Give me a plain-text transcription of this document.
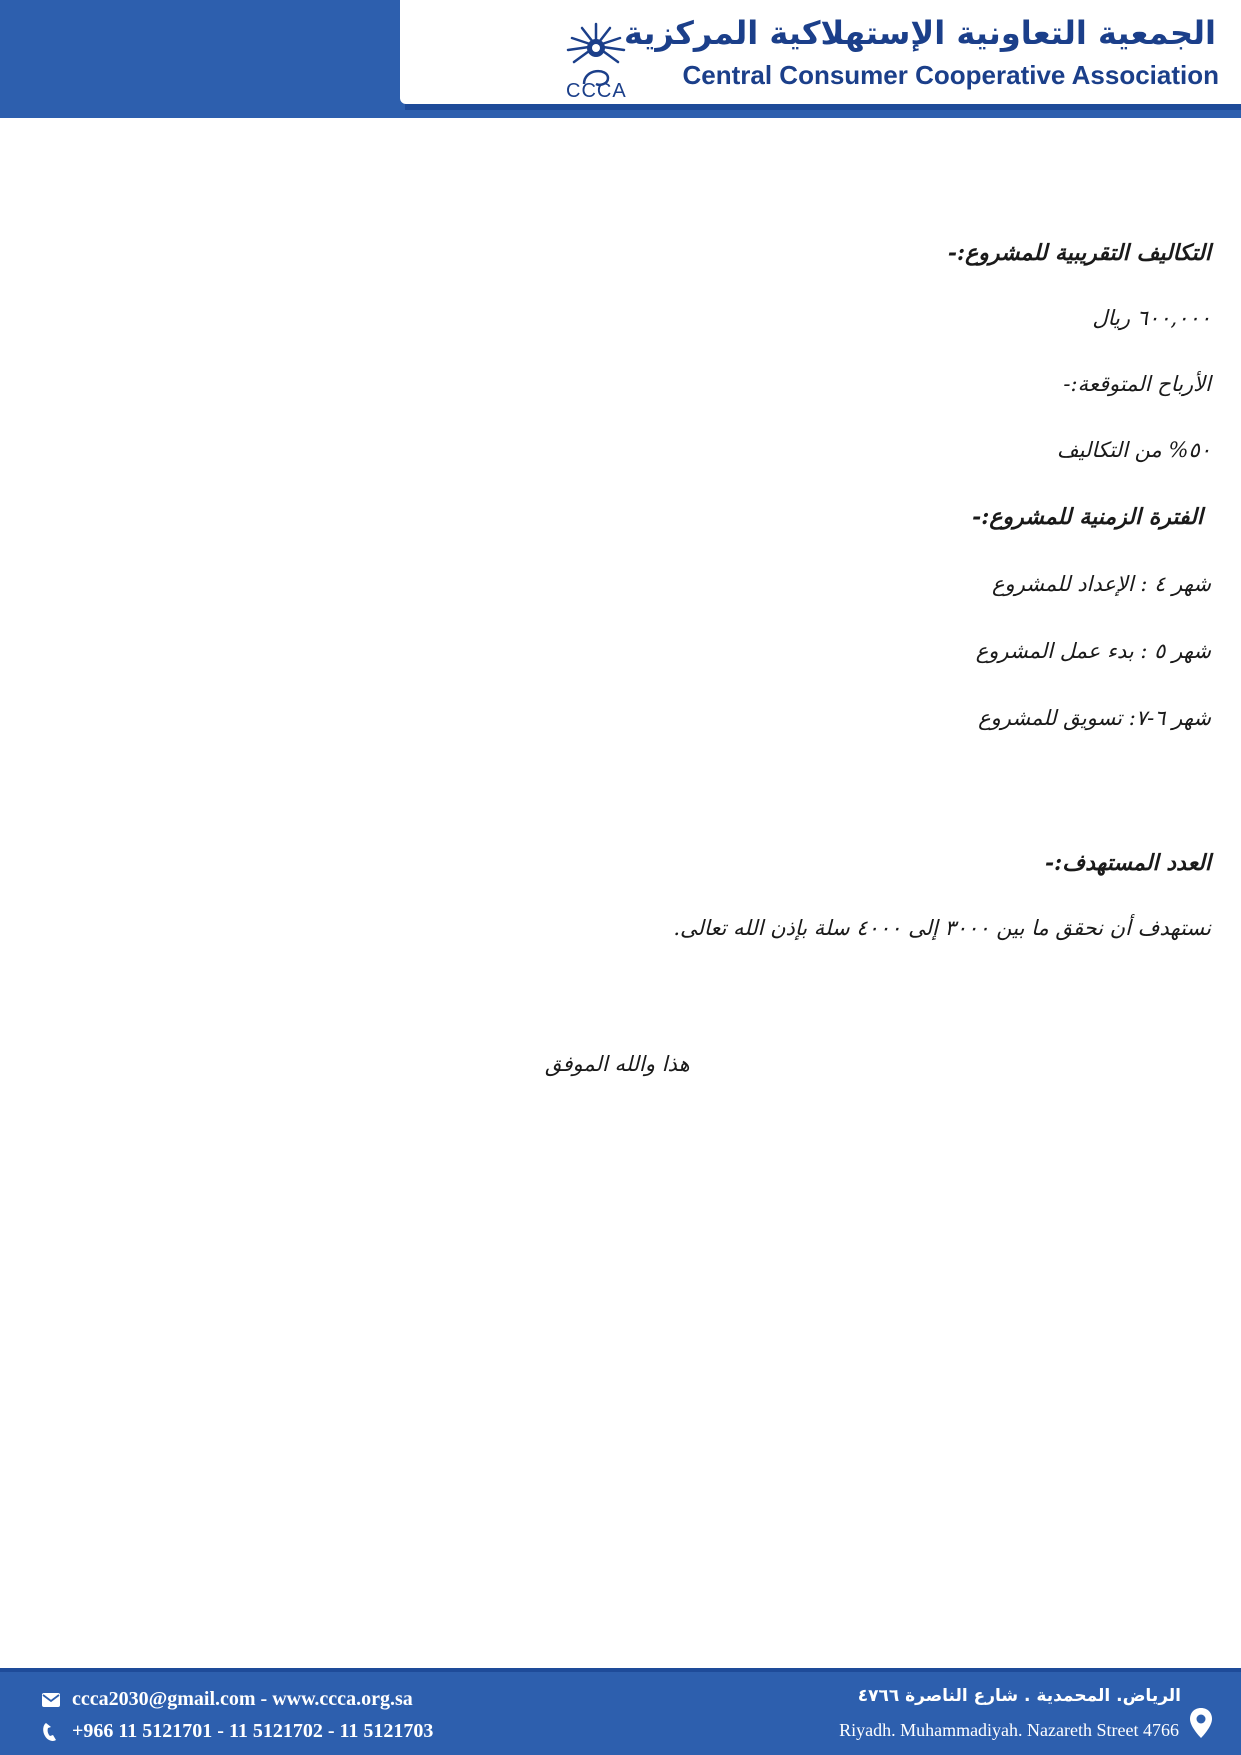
CCCA
الجمعية التعاونية الإستهلاكية المركزية
Central Consumer Cooperative Association
التكاليف التقريبية للمشروع:-
٦٠٠,٠٠٠ ريال
الأرباح المتوقعة:-
٥٠% من التكاليف
الفترة الزمنية للمشروع:-
شهر ٤ : الإعداد للمشروع
شهر ٥ : بدء عمل المشروع
شهر ٦-٧: تسويق للمشروع
العدد المستهدف:-
نستهدف أن نحقق ما بين ٣٠٠٠ إلى ٤٠٠٠ سلة بإذن الله تعالى.
هذا والله الموفق
ccca2030@gmail.com - www.ccca.org.sa
+966 11 5121701 - 11 5121702 - 11 5121703
الرياض. المحمدية . شارع الناصرة ٤٧٦٦
Riyadh. Muhammadiyah. Nazareth Street 4766
